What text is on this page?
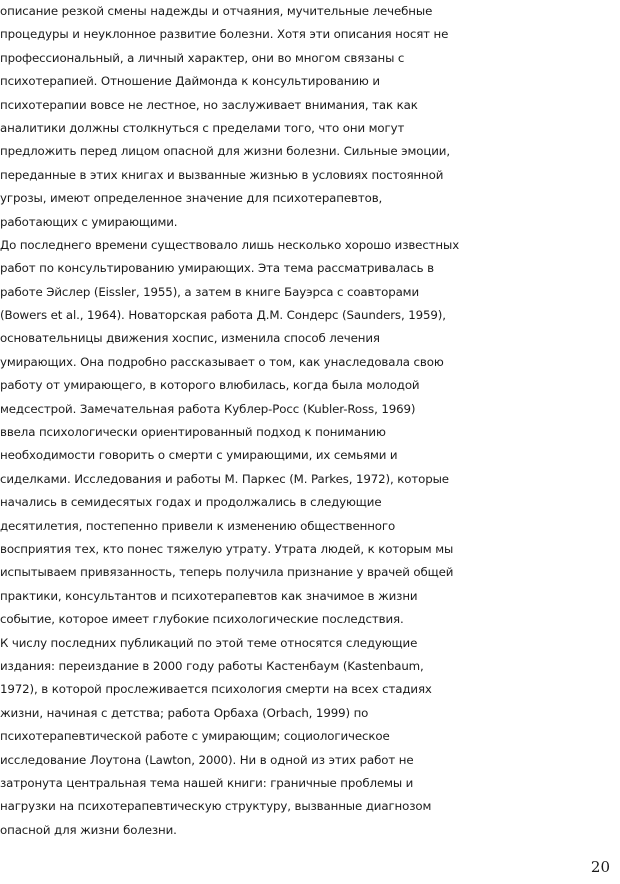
описание резкой смены надежды и отчаяния, мучительные лечебные
процедуры и неуклонное развитие болезни. Хотя эти описания носят не
профессиональный, а личный характер, они во многом связаны с
психотерапией. Отношение Даймонда к консультированию и
психотерапии вовсе не лестное, но заслуживает внимания, так как
аналитики должны столкнуться с пределами того, что они могут
предложить перед лицом опасной для жизни болезни. Сильные эмоции,
переданные в этих книгах и вызванные жизнью в условиях постоянной
угрозы, имеют определенное значение для психотерапевтов,
работающих с умирающими.
До последнего времени существовало лишь несколько хорошо известных
работ по консультированию умирающих. Эта тема рассматривалась в
работе Эйслер (Eissler, 1955), а затем в книге Бауэрса с соавторами
(Bowers et al., 1964). Новаторская работа Д.М. Сондерс (Saunders, 1959),
основательницы движения хоспис, изменила способ лечения
умирающих. Она подробно рассказывает о том, как унаследовала свою
работу от умирающего, в которого влюбилась, когда была молодой
медсестрой. Замечательная работа Кублер-Росс (Kubler-Ross, 1969)
ввела психологически ориентированный подход к пониманию
необходимости говорить о смерти с умирающими, их семьями и
сиделками. Исследования и работы М. Паркес (M. Parkes, 1972), которые
начались в семидесятых годах и продолжались в следующие
десятилетия, постепенно привели к изменению общественного
восприятия тех, кто понес тяжелую утрату. Утрата людей, к которым мы
испытываем привязанность, теперь получила признание у врачей общей
практики, консультантов и психотерапевтов как значимое в жизни
событие, которое имеет глубокие психологические последствия.
К числу последних публикаций по этой теме относятся следующие
издания: переиздание в 2000 году работы Кастенбаум (Kastenbaum,
1972), в которой прослеживается психология смерти на всех стадиях
жизни, начиная с детства; работа Орбаха (Orbach, 1999) по
психотерапевтической работе с умирающим; социологическое
исследование Лоутона (Lawton, 2000). Ни в одной из этих работ не
затронута центральная тема нашей книги: граничные проблемы и
нагрузки на психотерапевтическую структуру, вызванные диагнозом
опасной для жизни болезни.
20
